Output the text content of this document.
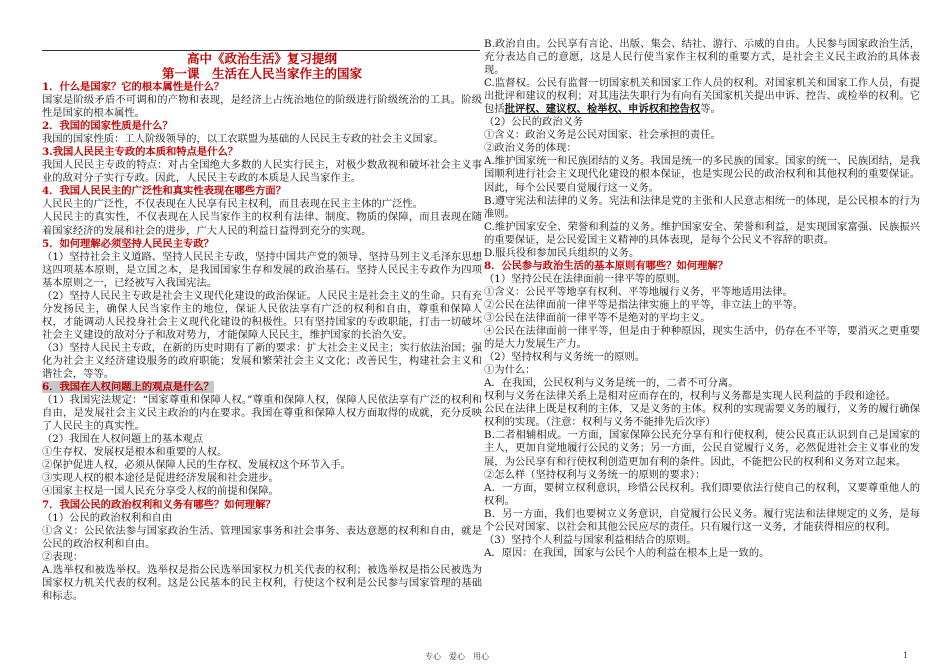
高中《政治生活》复习提纲

第一课　生活在人民当家作主的国家

1．什么是国家？它的根本属性是什么？

国家是阶级矛盾不可调和的产物和表现，是经济上占统治地位的阶级进行阶级统治的工具。阶级性是国家的根本属性。

2．我国的国家性质是什么？

我国的国家性质：工人阶级领导的，以工农联盟为基础的人民民主专政的社会主义国家。

3.我国人民民主专政的本质和特点是什么？

我国人民民主专政的特点：对占全国绝大多数的人民实行民主，对极少数敌视和破坏社会主义事业的敌对分子实行专政。因此，人民民主专政的本质是人民当家作主。

4．我国人民民主的广泛性和真实性表现在哪些方面？

人民民主的广泛性，不仅表现在人民享有民主权利，而且表现在民主主体的广泛性。

人民民主的真实性，不仅表现在人民当家作主的权利有法律、制度、物质的保障，而且表现在随着国家经济的发展和社会的进步，广大人民的利益日益得到充分的实现。

5．如何理解必须坚持人民民主专政？

（1）坚持社会主义道路、坚持人民民主专政，坚持中国共产党的领导、坚持马列主义毛泽东思想这四项基本原则，是立国之本，是我国国家生存和发展的政治基石。坚持人民民主专政作为四项基本原则之一，已经被写入我国宪法。

（2）坚持人民民主专政是社会主义现代化建设的政治保证。人民民主是社会主义的生命。只有充分发扬民主，确保人民当家作主的地位，保证人民依法享有广泛的权利和自由，尊重和保障人权，才能调动人民投身社会主义现代化建设的积极性。只有坚持国家的专政职能，打击一切破坏社会主义建设的敌对分子和敌对势力，才能保障人民民主，维护国家的长治久安。

（3）坚持人民民主专政，在新的历史时期有了新的要求：扩大社会主义民主；实行依法治国；强化为社会主义经济建设服务的政府职能；发展和繁荣社会主义文化；改善民生，构建社会主义和谐社会，等等。

6．我国在人权问题上的观点是什么？

（1）我国宪法规定：“国家尊重和保障人权。”尊重和保障人权，保障人民依法享有广泛的权利和自由，是发展社会主义民主政治的内在要求。我国在尊重和保障人权方面取得的成就，充分反映了人民民主的真实性。

（2）我国在人权问题上的基本观点

①生存权、发展权是根本和重要的人权。

②保护促进人权，必须从保障人民的生存权、发展权这个环节入手。

③实现人权的根本途径是促进经济发展和社会进步。

④国家主权是一国人民充分享受人权的前提和保障。

7．我国公民的政治权利和义务有哪些？如何理解？

（1）公民的政治权利和自由

①含义：公民依法参与国家政治生活、管理国家事务和社会事务、表达意愿的权利和自由，就是公民的政治权利和自由。

②表现：

A.选举权和被选举权。选举权是指公民选举国家权力机关代表的权利；被选举权是指公民被选为国家权力机关代表的权利。这是公民基本的民主权利，行使这个权利是公民参与国家管理的基础和标志。

B.政治自由。公民享有言论、出版、集会、结社、游行、示威的自由。人民参与国家政治生活，充分表达自己的意愿，这是人民行使当家作主权利的重要方式，是社会主义民主政治的具体表现。

C.监督权。公民有监督一切国家机关和国家工作人员的权利。对国家机关和国家工作人员，有提出批评和建议的权利；对其违法失职行为有向有关国家机关提出申诉、控告、或检举的权利。它包括批评权、建议权、检举权、申诉权和控告权等。

（2）公民的政治义务

①含义：政治义务是公民对国家、社会承担的责任。

②政治义务的体现：

A.维护国家统一和民族团结的义务。我国是统一的多民族的国家。国家的统一、民族团结，是我国顺利进行社会主义现代化建设的根本保证，也是实现公民的政治权利和其他权利的重要保证。因此，每个公民要自觉履行这一义务。

B.遵守宪法和法律的义务。宪法和法律是党的主张和人民意志相统一的体现，是公民根本的行为准则。

C.维护国家安全、荣誉和利益的义务。维护国家安全、荣誉和利益，是实现国家富强、民族振兴的重要保证，是公民爱国主义精神的具体表现，是每个公民义不容辞的职责。

D.服兵役和参加民兵组织的义务。

8．公民参与政治生活的基本原则有哪些？如何理解？

（1）坚持公民在法律面前一律平等的原则。

①含义：公民平等地享有权利、平等地履行义务，平等地适用法律。

②公民在法律面前一律平等是指法律实施上的平等，非立法上的平等。

③公民在法律面前一律平等不是绝对的平均主义。

④公民在法律面前一律平等，但是由于种种原因，现实生活中，仍存在不平等，要消灭之更重要的是大力发展生产力。

（2）坚持权利与义务统一的原则。

①为什么：

A．在我国，公民权利与义务是统一的，二者不可分离。

权利与义务在法律关系上是相对应而存在的，权利与义务都是实现人民利益的手段和途径。

公民在法律上既是权利的主体，又是义务的主体。权利的实现需要义务的履行，义务的履行确保权利的实现。（注意：权利与义务不能排先后次序）

B.二者相辅相成。一方面，国家保障公民充分享有和行使权利，使公民真正认识到自己是国家的主人，更加自觉地履行公民的义务；另一方面，公民自觉履行义务，必然促进社会主义事业的发展，为公民享有和行使权利创造更加有利的条件。因此，不能把公民的权利和义务对立起来。

②怎么样（坚持权利与义务统一的原则的要求）：

A．一方面，要树立权利意识，珍惜公民权利。我们即要依法行使自己的权利，又要尊重他人的权利。

B．另一方面，我们也要树立义务意识，自觉履行公民义务。履行宪法和法律规定的义务，是每个公民对国家、以社会和其他公民应尽的责任。只有履行这一义务，才能获得相应的权利。

（3）坚持个人利益与国家利益相结合的原则。

A．原因：在我国，国家与公民个人的利益在根本上是一致的。

专心　爱心　用心	1
